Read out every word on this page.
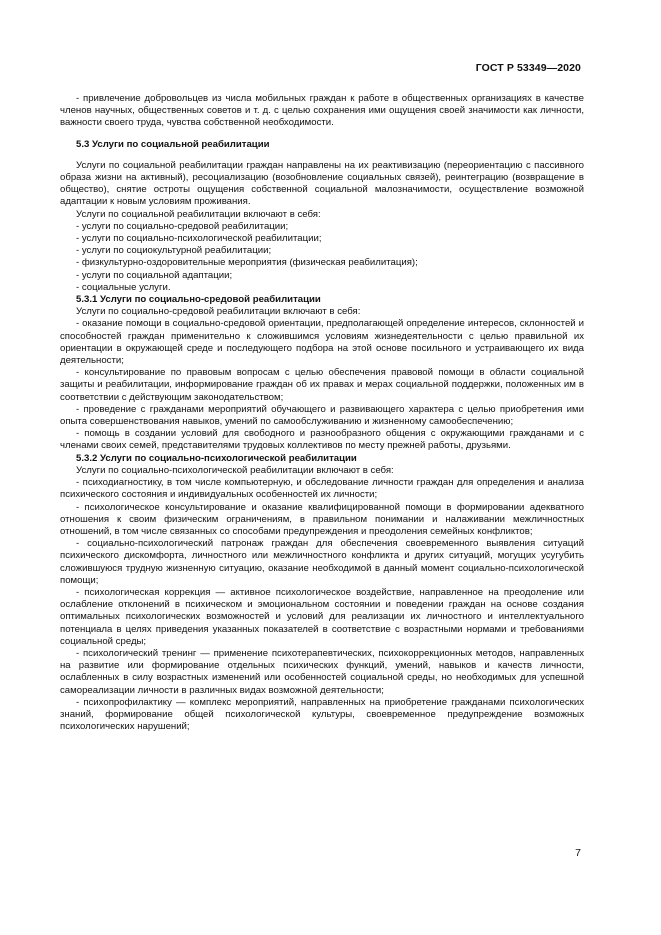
ГОСТ Р 53349—2020

- привлечение добровольцев из числа мобильных граждан к работе в общественных организациях в качестве членов научных, общественных советов и т. д. с целью сохранения ими ощущения своей значимости как личности, важности своего труда, чувства собственной необходимости.

5.3 Услуги по социальной реабилитации

Услуги по социальной реабилитации граждан направлены на их реактивизацию (переориентацию с пассивного образа жизни на активный), ресоциализацию (возобновление социальных связей), реинтеграцию (возвращение в общество), снятие остроты ощущения собственной социальной малозначимости, осуществление возможной адаптации к новым условиям проживания.

Услуги по социальной реабилитации включают в себя:

- услуги по социально-средовой реабилитации;

- услуги по социально-психологической реабилитации;

- услуги по социокультурной реабилитации;

- физкультурно-оздоровительные мероприятия (физическая реабилитация);

- услуги по социальной адаптации;

- социальные услуги.

5.3.1 Услуги по социально-средовой реабилитации

Услуги по социально-средовой реабилитации включают в себя:

- оказание помощи в социально-средовой ориентации, предполагающей определение интересов, склонностей и способностей граждан применительно к сложившимся условиям жизнедеятельности с целью правильной их ориентации в окружающей среде и последующего подбора на этой основе посильного и устраивающего их вида деятельности;

- консультирование по правовым вопросам с целью обеспечения правовой помощи в области социальной защиты и реабилитации, информирование граждан об их правах и мерах социальной поддержки, положенных им в соответствии с действующим законодательством;

- проведение с гражданами мероприятий обучающего и развивающего характера с целью приобретения ими опыта совершенствования навыков, умений по самообслуживанию и жизненному самообеспечению;

- помощь в создании условий для свободного и разнообразного общения с окружающими гражданами и с членами своих семей, представителями трудовых коллективов по месту прежней работы, друзьями.

5.3.2 Услуги по социально-психологической реабилитации

Услуги по социально-психологической реабилитации включают в себя:

- психодиагностику, в том числе компьютерную, и обследование личности граждан для определения и анализа психического состояния и индивидуальных особенностей их личности;

- психологическое консультирование и оказание квалифицированной помощи в формировании адекватного отношения к своим физическим ограничениям, в правильном понимании и налаживании межличностных отношений, в том числе связанных со способами предупреждения и преодоления семейных конфликтов;

- социально-психологический патронаж граждан для обеспечения своевременного выявления ситуаций психического дискомфорта, личностного или межличностного конфликта и других ситуаций, могущих усугубить сложившуюся трудную жизненную ситуацию, оказание необходимой в данный момент социально-психологической помощи;

- психологическая коррекция — активное психологическое воздействие, направленное на преодоление или ослабление отклонений в психическом и эмоциональном состоянии и поведении граждан на основе создания оптимальных психологических возможностей и условий для реализации их личностного и интеллектуального потенциала в целях приведения указанных показателей в соответствие с возрастными нормами и требованиями социальной среды;

- психологический тренинг — применение психотерапевтических, психокоррекционных методов, направленных на развитие или формирование отдельных психических функций, умений, навыков и качеств личности, ослабленных в силу возрастных изменений или особенностей социальной среды, но необходимых для успешной самореализации личности в различных видах возможной деятельности;

- психопрофилактику — комплекс мероприятий, направленных на приобретение гражданами психологических знаний, формирование общей психологической культуры, своевременное предупреждение возможных психологических нарушений;

7
